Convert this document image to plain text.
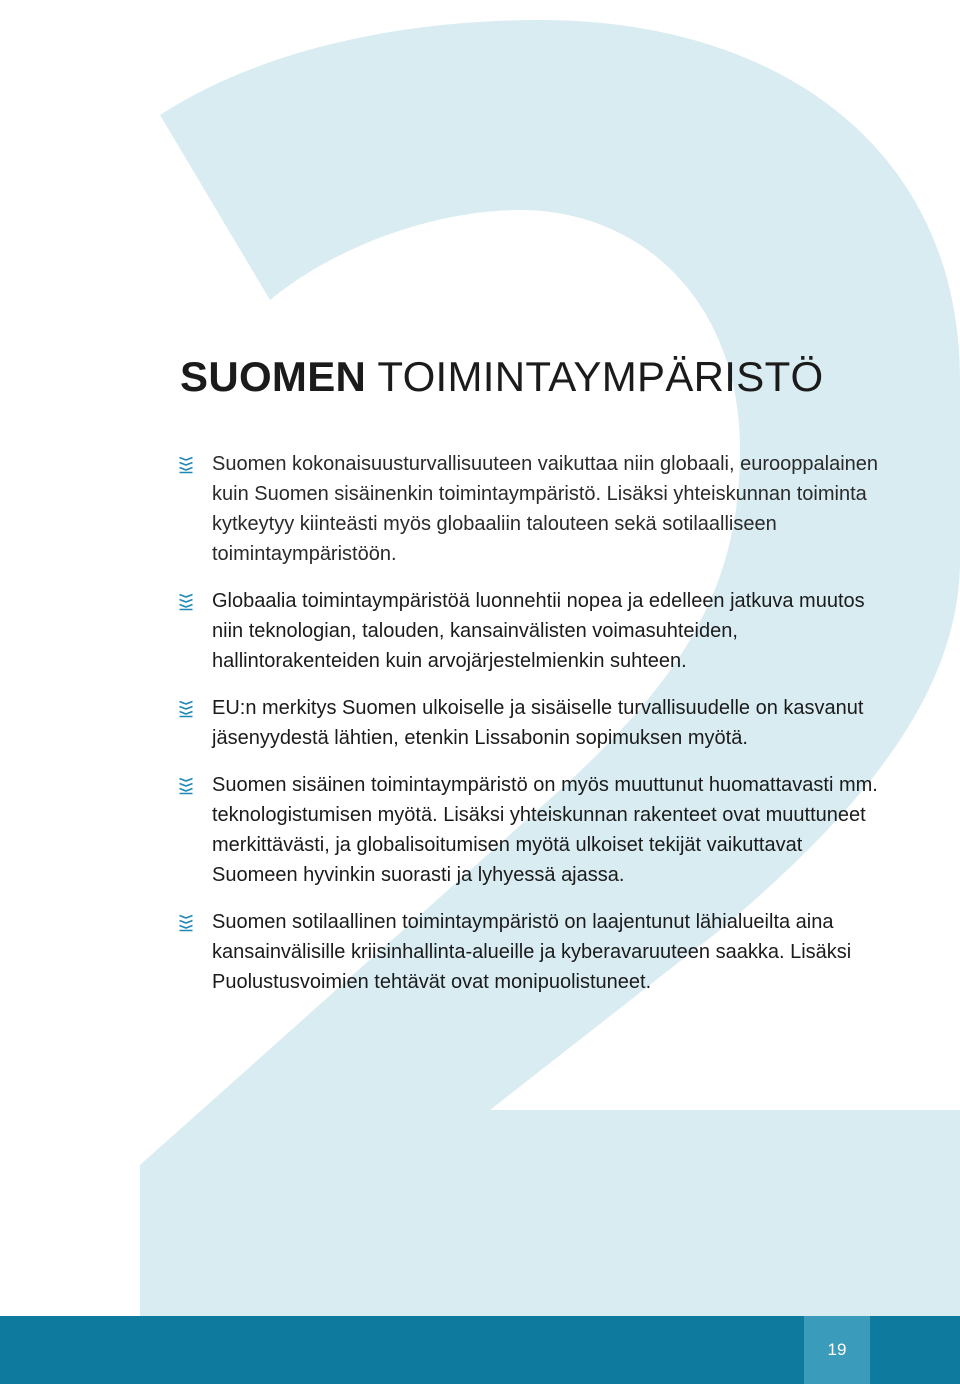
SUOMEN TOIMINTAYMPÄRISTÖ
Suomen kokonaisuusturvallisuuteen vaikuttaa niin globaali, eurooppalainen kuin Suomen sisäinenkin toimintaympäristö. Lisäksi yhteiskunnan toiminta kytkeytyy kiinteästi myös globaaliin talouteen sekä sotilaalliseen toimintaympäristöön.
Globaalia toimintaympäristöä luonnehtii nopea ja edelleen jatkuva muutos niin teknologian, talouden, kansainvälisten voimasuhteiden, hallintorakenteiden kuin arvojärjestelmienkin suhteen.
EU:n merkitys Suomen ulkoiselle ja sisäiselle turvallisuudelle on kasvanut jäsenyydestä lähtien, etenkin Lissabonin sopimuksen myötä.
Suomen sisäinen toimintaympäristö on myös muuttunut huomattavasti mm. teknologistumisen myötä. Lisäksi yhteiskunnan rakenteet ovat muuttuneet merkittävästi, ja globalisoitumisen myötä ulkoiset tekijät vaikuttavat Suomeen hyvinkin suorasti ja lyhyessä ajassa.
Suomen sotilaallinen toimintaympäristö on laajentunut lähialueilta aina kansainvälisille kriisinhallinta-alueille ja kyberavaruuteen saakka. Lisäksi Puolustusvoimien tehtävät ovat monipuolistuneet.
19
